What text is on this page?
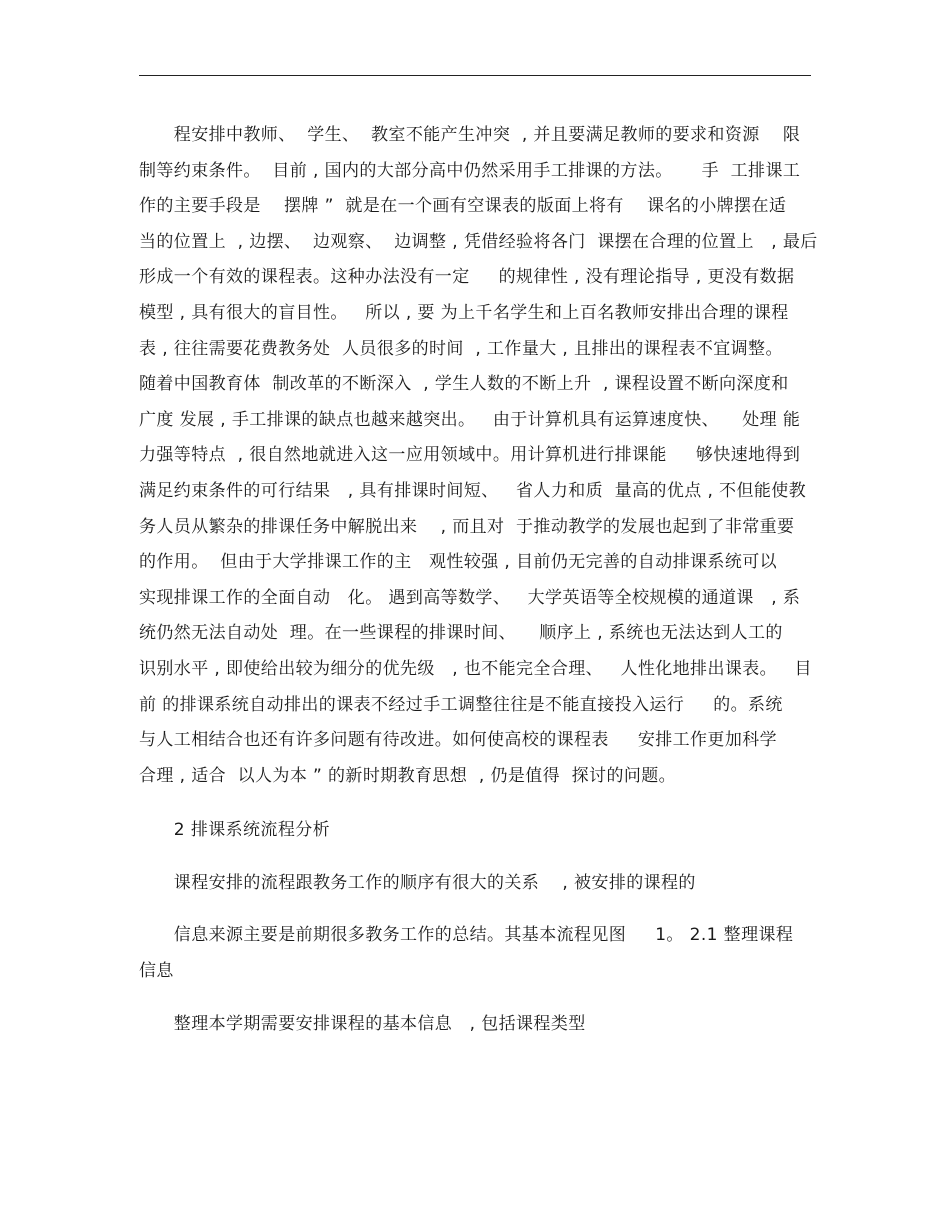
　　程安排中教师、  学生、  教室不能产生冲突  , 并且要满足教师的要求和资源    限
制等约束条件。  目前 , 国内的大部分高中仍然采用手工排课的方法。     手  工排课工
作的主要手段是    摆牌 ”  就是在一个画有空课表的版面上将有    课名的小牌摆在适
当的位置上  , 边摆、  边观察、  边调整 , 凭借经验将各门  课摆在合理的位置上   , 最后
形成一个有效的课程表。这种办法没有一定     的规律性 , 没有理论指导 , 更没有数据
模型 , 具有很大的盲目性。   所以 , 要 为上千名学生和上百名教师安排出合理的课程
表 , 往往需要花费教务处  人员很多的时间  , 工作量大 , 且排出的课程表不宜调整。
随着中国教育体  制改革的不断深入  , 学生人数的不断上升  , 课程设置不断向深度和
广度 发展 , 手工排课的缺点也越来越突出。   由于计算机具有运算速度快、    处理 能
力强等特点  , 很自然地就进入这一应用领域中。用计算机进行排课能     够快速地得到
满足约束条件的可行结果   , 具有排课时间短、   省人力和质  量高的优点 , 不但能使教
务人员从繁杂的排课任务中解脱出来    , 而且对  于推动教学的发展也起到了非常重要
的作用。  但由于大学排课工作的主   观性较强 , 目前仍无完善的自动排课系统可以
实现排课工作的全面自动   化。 遇到高等数学、   大学英语等全校规模的通道课   , 系
统仍然无法自动处  理。在一些课程的排课时间、    顺序上 , 系统也无法达到人工的
识别水平 , 即使给出较为细分的优先级   , 也不能完全合理、   人性化地排出课表。   目
前 的排课系统自动排出的课表不经过手工调整往往是不能直接投入运行     的。系统
与人工相结合也还有许多问题有待改进。如何使高校的课程表     安排工作更加科学
合理 , 适合  以人为本 ” 的新时期教育思想  , 仍是值得  探讨的问题。
　　2 排课系统流程分析
　　课程安排的流程跟教务工作的顺序有很大的关系    , 被安排的课程的
　　信息来源主要是前期很多教务工作的总结。其基本流程见图     1。 2.1 整理课程
信息
　　整理本学期需要安排课程的基本信息   , 包括课程类型
